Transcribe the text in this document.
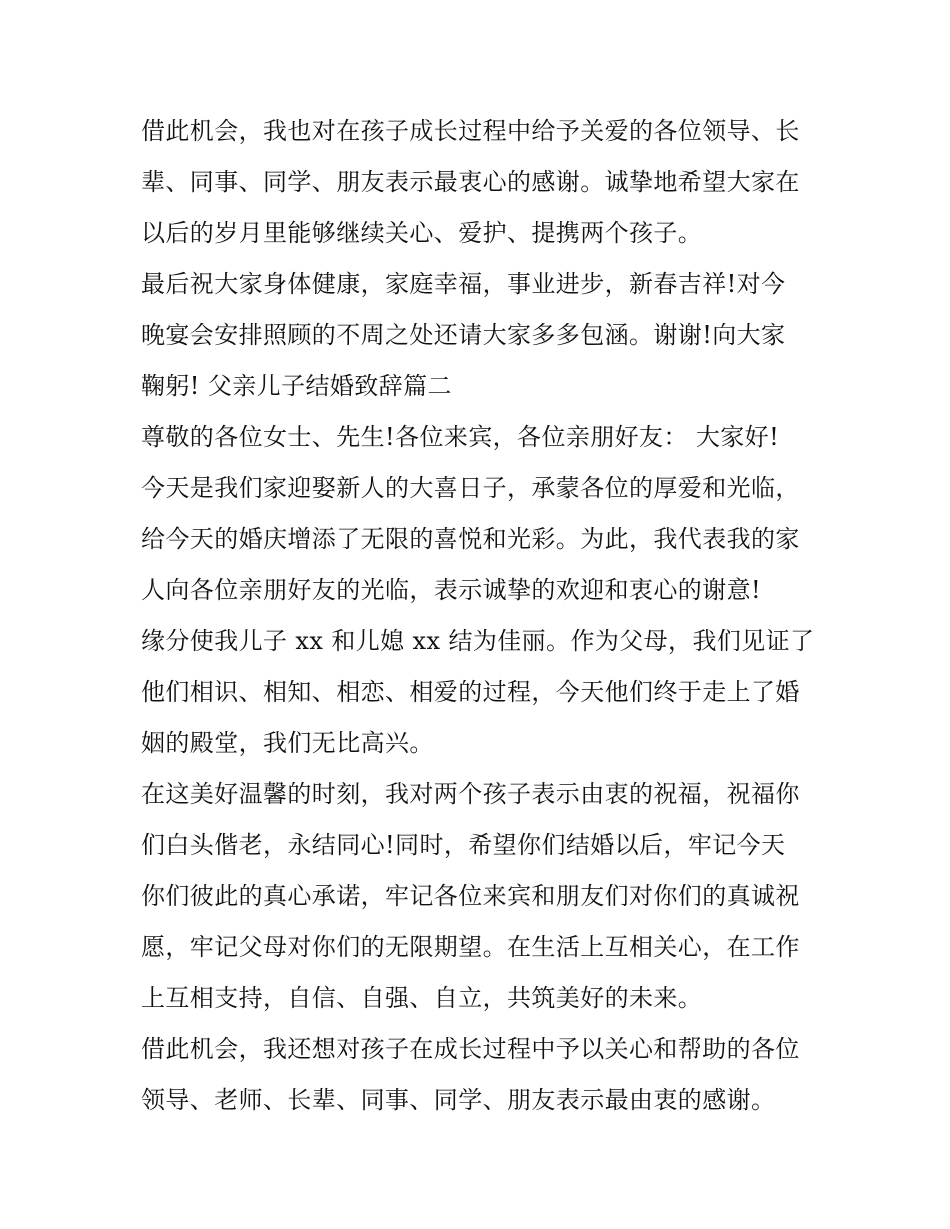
借此机会，我也对在孩子成长过程中给予关爱的各位领导、长
辈、同事、同学、朋友表示最衷心的感谢。诚挚地希望大家在
以后的岁月里能够继续关心、爱护、提携两个孩子。
最后祝大家身体健康，家庭幸福，事业进步，新春吉祥!对今
晚宴会安排照顾的不周之处还请大家多多包涵。谢谢!向大家
鞠躬! 父亲儿子结婚致辞篇二
尊敬的各位女士、先生!各位来宾，各位亲朋好友： 大家好!
今天是我们家迎娶新人的大喜日子，承蒙各位的厚爱和光临，
给今天的婚庆增添了无限的喜悦和光彩。为此，我代表我的家
人向各位亲朋好友的光临，表示诚挚的欢迎和衷心的谢意!
缘分使我儿子 xx 和儿媳 xx 结为佳丽。作为父母，我们见证了
他们相识、相知、相恋、相爱的过程，今天他们终于走上了婚
姻的殿堂，我们无比高兴。
在这美好温馨的时刻，我对两个孩子表示由衷的祝福，祝福你
们白头偕老，永结同心!同时，希望你们结婚以后，牢记今天
你们彼此的真心承诺，牢记各位来宾和朋友们对你们的真诚祝
愿，牢记父母对你们的无限期望。在生活上互相关心，在工作
上互相支持，自信、自强、自立，共筑美好的未来。
借此机会，我还想对孩子在成长过程中予以关心和帮助的各位
领导、老师、长辈、同事、同学、朋友表示最由衷的感谢。
